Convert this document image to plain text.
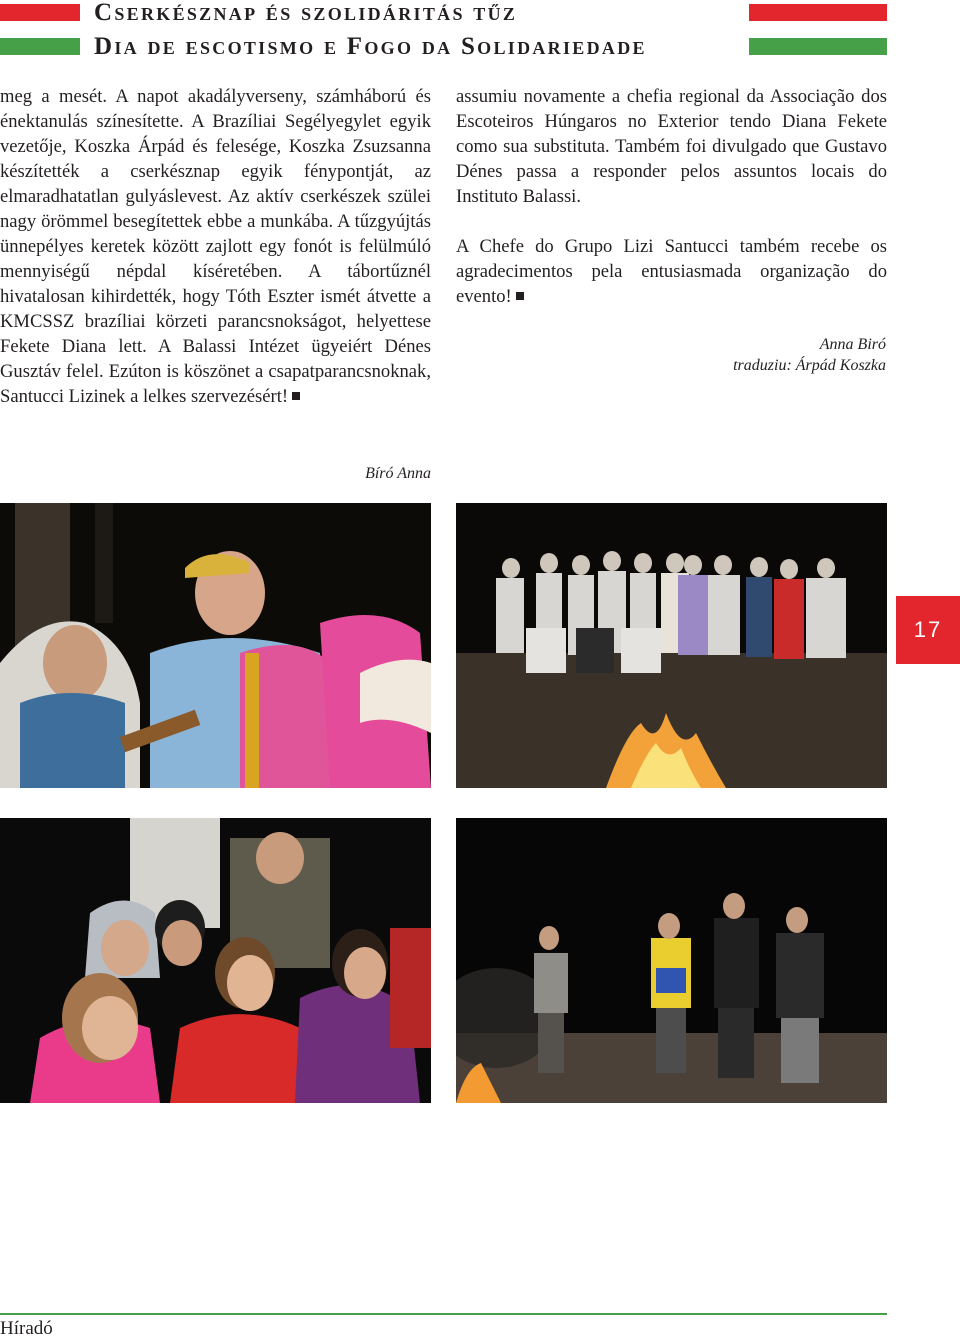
Cserkésznap és szolidáritás tűz
Dia de escotismo e Fogo da Solidariedade

meg a mesét. A napot akadályverseny, számháború és énektanulás színesítette. A Brazíliai Segélyegylet egyik vezetője, Koszka Árpád és felesége, Koszka Zsuzsanna készítették a cserkésznap egyik fénypontját, az elmaradhatatlan gulyáslevest. Az aktív cserkészek szülei nagy örömmel besegítettek ebbe a munkába. A tűzgyújtás ünnepélyes keretek között zajlott egy fonót is felülmúló mennyiségű népdal kíséretében. A tábortűznél hivatalosan kihirdették, hogy Tóth Eszter ismét átvette a KMCSSZ brazíliai körzeti parancsnokságot, helyettese Fekete Diana lett. A Balassi Intézet ügyeiért Dénes Gusztáv felel. Ezúton is köszönet a csapatparancsnoknak, Santucci Lizinek a lelkes szervezésért!

Bíró Anna

assumiu novamente a chefia regional da Associação dos Escoteiros Húngaros no Exterior tendo Diana Fekete como sua substituta. Também foi divulgado que Gustavo Dénes passa a responder pelos assuntos locais do Instituto Balassi.

A Chefe do Grupo Lizi Santucci também recebe os agradecimentos pela entusiasmada organização do evento!

Anna Biró
traduziu: Árpád Koszka
17
Híradó
